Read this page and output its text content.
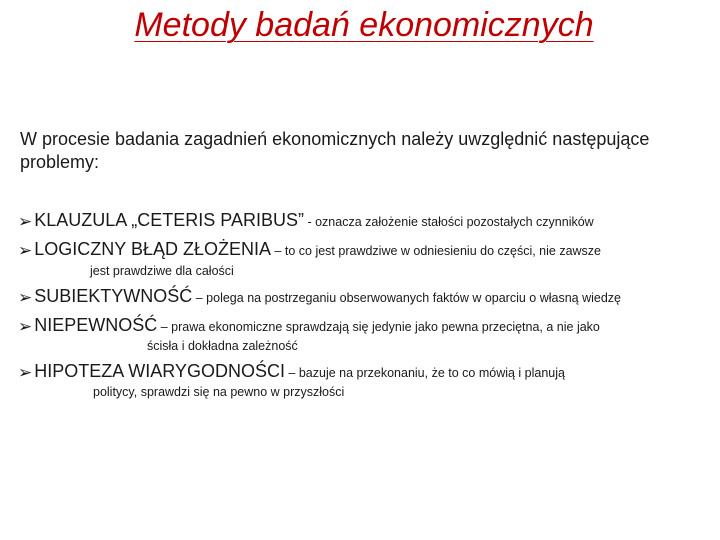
Metody badań ekonomicznych
W procesie badania zagadnień ekonomicznych należy uwzględnić następujące problemy:
➢ KLAUZULA „CETERIS PARIBUS” - oznacza założenie stałości pozostałych czynników
➢ LOGICZNY BŁĄD ZŁOŻENIA – to co jest prawdziwe w odniesieniu do części, nie zawsze
jest prawdziwe dla całości
➢ SUBIEKTYWNOŚĆ – polega na postrzeganiu obserwowanych faktów w oparciu o własną wiedzę
➢ NIEPEWNOŚĆ – prawa ekonomiczne sprawdzają się jedynie jako pewna przeciętna, a nie jako
ścisła i dokładna zależność
➢ HIPOTEZA WIARYGODNOŚCI – bazuje na przekonaniu, że to co mówią i planują
politycy, sprawdzi się na pewno w przyszłości
